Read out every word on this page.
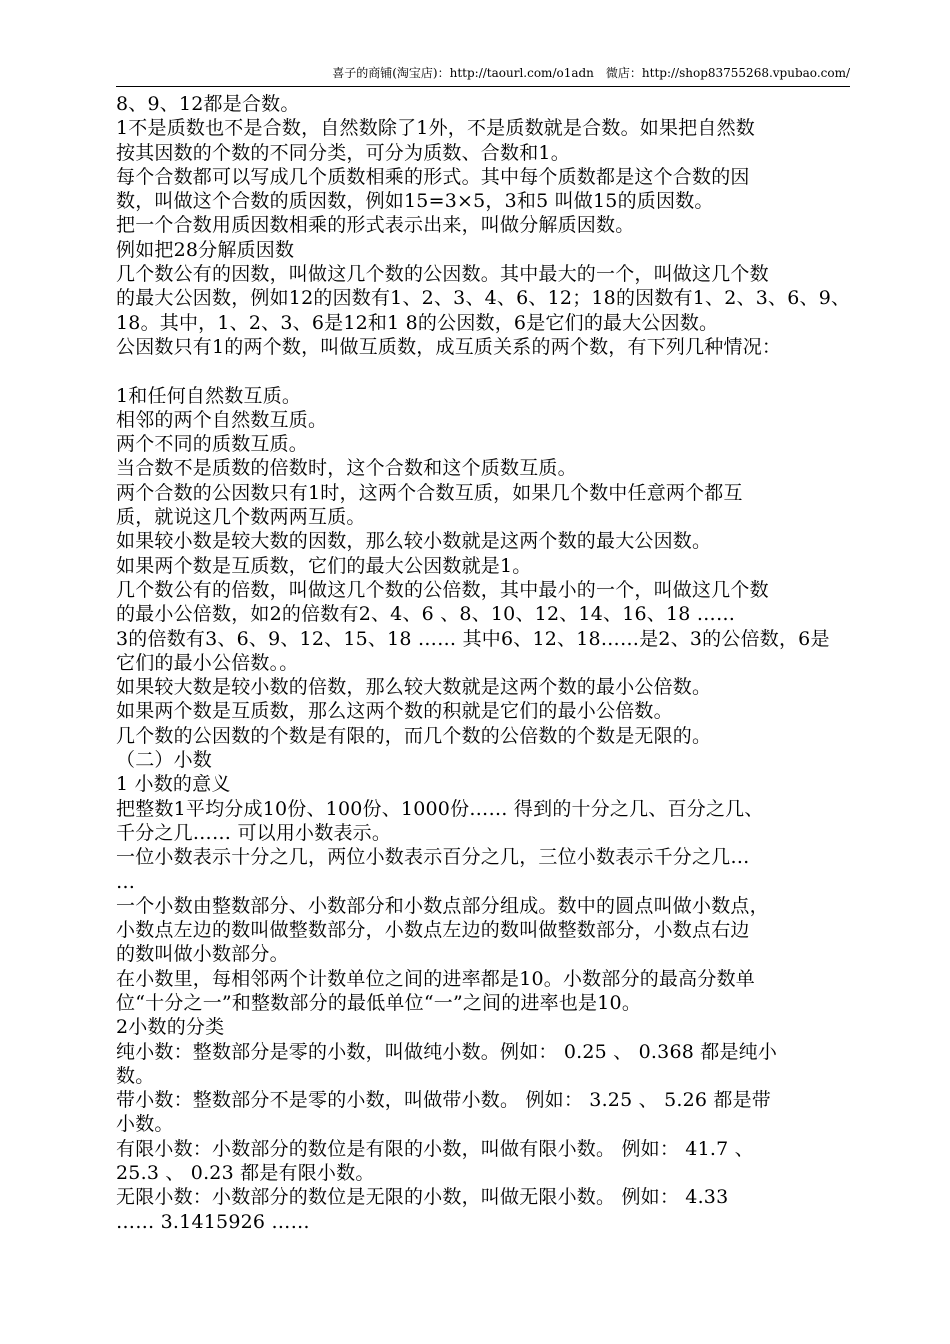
喜子的商铺(淘宝店)：http://taourl.com/o1adn　微店：http://shop83755268.vpubao.com/

8、9、12都是合数。

1不是质数也不是合数，自然数除了1外，不是质数就是合数。如果把自然数

按其因数的个数的不同分类，可分为质数、合数和1。

每个合数都可以写成几个质数相乘的形式。其中每个质数都是这个合数的因

数，叫做这个合数的质因数，例如15=3×5，3和5 叫做15的质因数。

把一个合数用质因数相乘的形式表示出来，叫做分解质因数。

例如把28分解质因数

几个数公有的因数，叫做这几个数的公因数。其中最大的一个，叫做这几个数

的最大公因数，例如12的因数有1、2、3、4、6、12；18的因数有1、2、3、6、9、

18。其中，1、2、3、6是12和1 8的公因数，6是它们的最大公因数。

公因数只有1的两个数，叫做互质数，成互质关系的两个数，有下列几种情况：

1和任何自然数互质。

相邻的两个自然数互质。

两个不同的质数互质。

当合数不是质数的倍数时，这个合数和这个质数互质。

两个合数的公因数只有1时，这两个合数互质，如果几个数中任意两个都互

质，就说这几个数两两互质。

如果较小数是较大数的因数，那么较小数就是这两个数的最大公因数。

如果两个数是互质数，它们的最大公因数就是1。

几个数公有的倍数，叫做这几个数的公倍数，其中最小的一个，叫做这几个数

的最小公倍数，如2的倍数有2、4、6 、8、10、12、14、16、18 ……

3的倍数有3、6、9、12、15、18 …… 其中6、12、18……是2、3的公倍数，6是

它们的最小公倍数。。

如果较大数是较小数的倍数，那么较大数就是这两个数的最小公倍数。

如果两个数是互质数，那么这两个数的积就是它们的最小公倍数。

几个数的公因数的个数是有限的，而几个数的公倍数的个数是无限的。

（二）小数

1 小数的意义

把整数1平均分成10份、100份、1000份…… 得到的十分之几、百分之几、

千分之几…… 可以用小数表示。

一位小数表示十分之几，两位小数表示百分之几，三位小数表示千分之几…

…

一个小数由整数部分、小数部分和小数点部分组成。数中的圆点叫做小数点，

小数点左边的数叫做整数部分，小数点左边的数叫做整数部分，小数点右边

的数叫做小数部分。

在小数里，每相邻两个计数单位之间的进率都是10。小数部分的最高分数单

位“十分之一”和整数部分的最低单位“一”之间的进率也是10。

2小数的分类

纯小数：整数部分是零的小数，叫做纯小数。例如： 0.25 、 0.368 都是纯小

数。

带小数：整数部分不是零的小数，叫做带小数。 例如： 3.25 、 5.26 都是带

小数。

有限小数：小数部分的数位是有限的小数，叫做有限小数。 例如： 41.7 、

25.3 、 0.23 都是有限小数。

无限小数：小数部分的数位是无限的小数，叫做无限小数。 例如： 4.33

…… 3.1415926 ……
